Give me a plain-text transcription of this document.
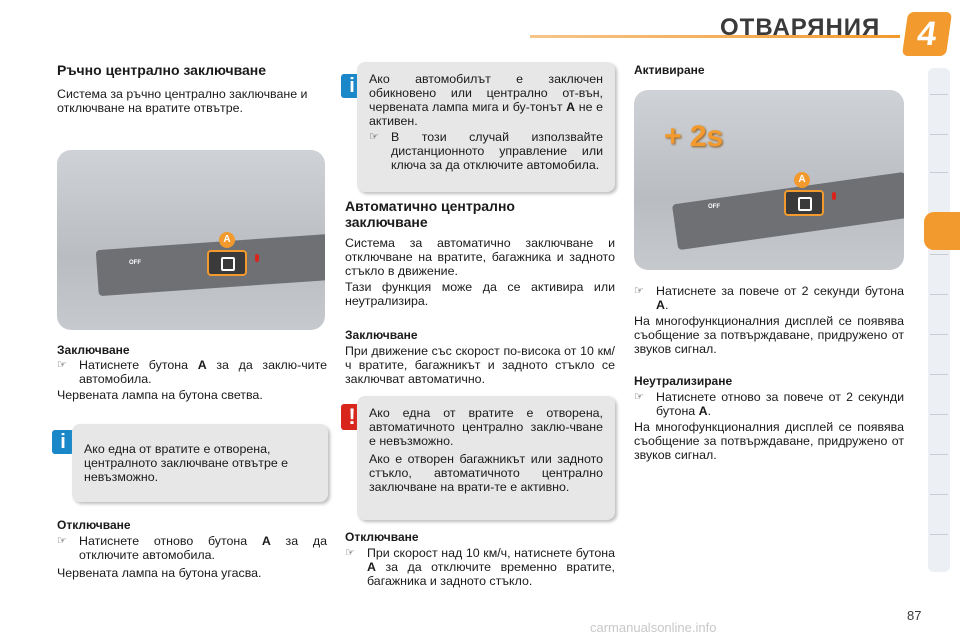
ОТВАРЯНИЯ	4
Ръчно централно заключване
Система за ръчно централно заключване и отключване на вратите отвътре.
OFF
A
Заключване
☞ Натиснете бутона A за да заклю-чите автомобила.
Червената лампа на бутона светва.
i	Ако една от вратите е отворена, централното заключване отвътре е невъзможно.
Отключване
☞ Натиснете отново бутона A за да отключите автомобила.
Червената лампа на бутона угасва.
i	Ако автомобилът е заключен обикновено или централно от-вън, червената лампа мига и бу-тонът A не е активен.
☞ В този случай използвайте дистанционното управление или ключа за да отключите автомобила.
Автоматично централно заключване
Система за автоматично заключване и отключване на вратите, багажника и задното стъкло в движение.
Тази функция може да се активира или неутрализира.
Заключване
При движение със скорост по-висока от 10 км/ч вратите, багажникът и задното стъкло се заключват автоматично.
!	Ако една от вратите е отворена, автоматичното централно заклю-чване е невъзможно.
Ако е отворен багажникът или задното стъкло, автоматичното централно заключване на врати-те е активно.
Отключване
☞ При скорост над 10 км/ч, натиснете бутона A за да отключите временно вратите, багажника и задното стъкло.
Активиране
+ 2s
OFF
A
☞ Натиснете за повече от 2 секунди бутона A.
На многофункционалния дисплей се появява съобщение за потвърждаване, придружено от звуков сигнал.
Неутрализиране
☞ Натиснете отново за повече от 2 секунди бутона A.
На многофункционалния дисплей се появява съобщение за потвърждаване, придружено от звуков сигнал.
87
carmanualsonline.info
